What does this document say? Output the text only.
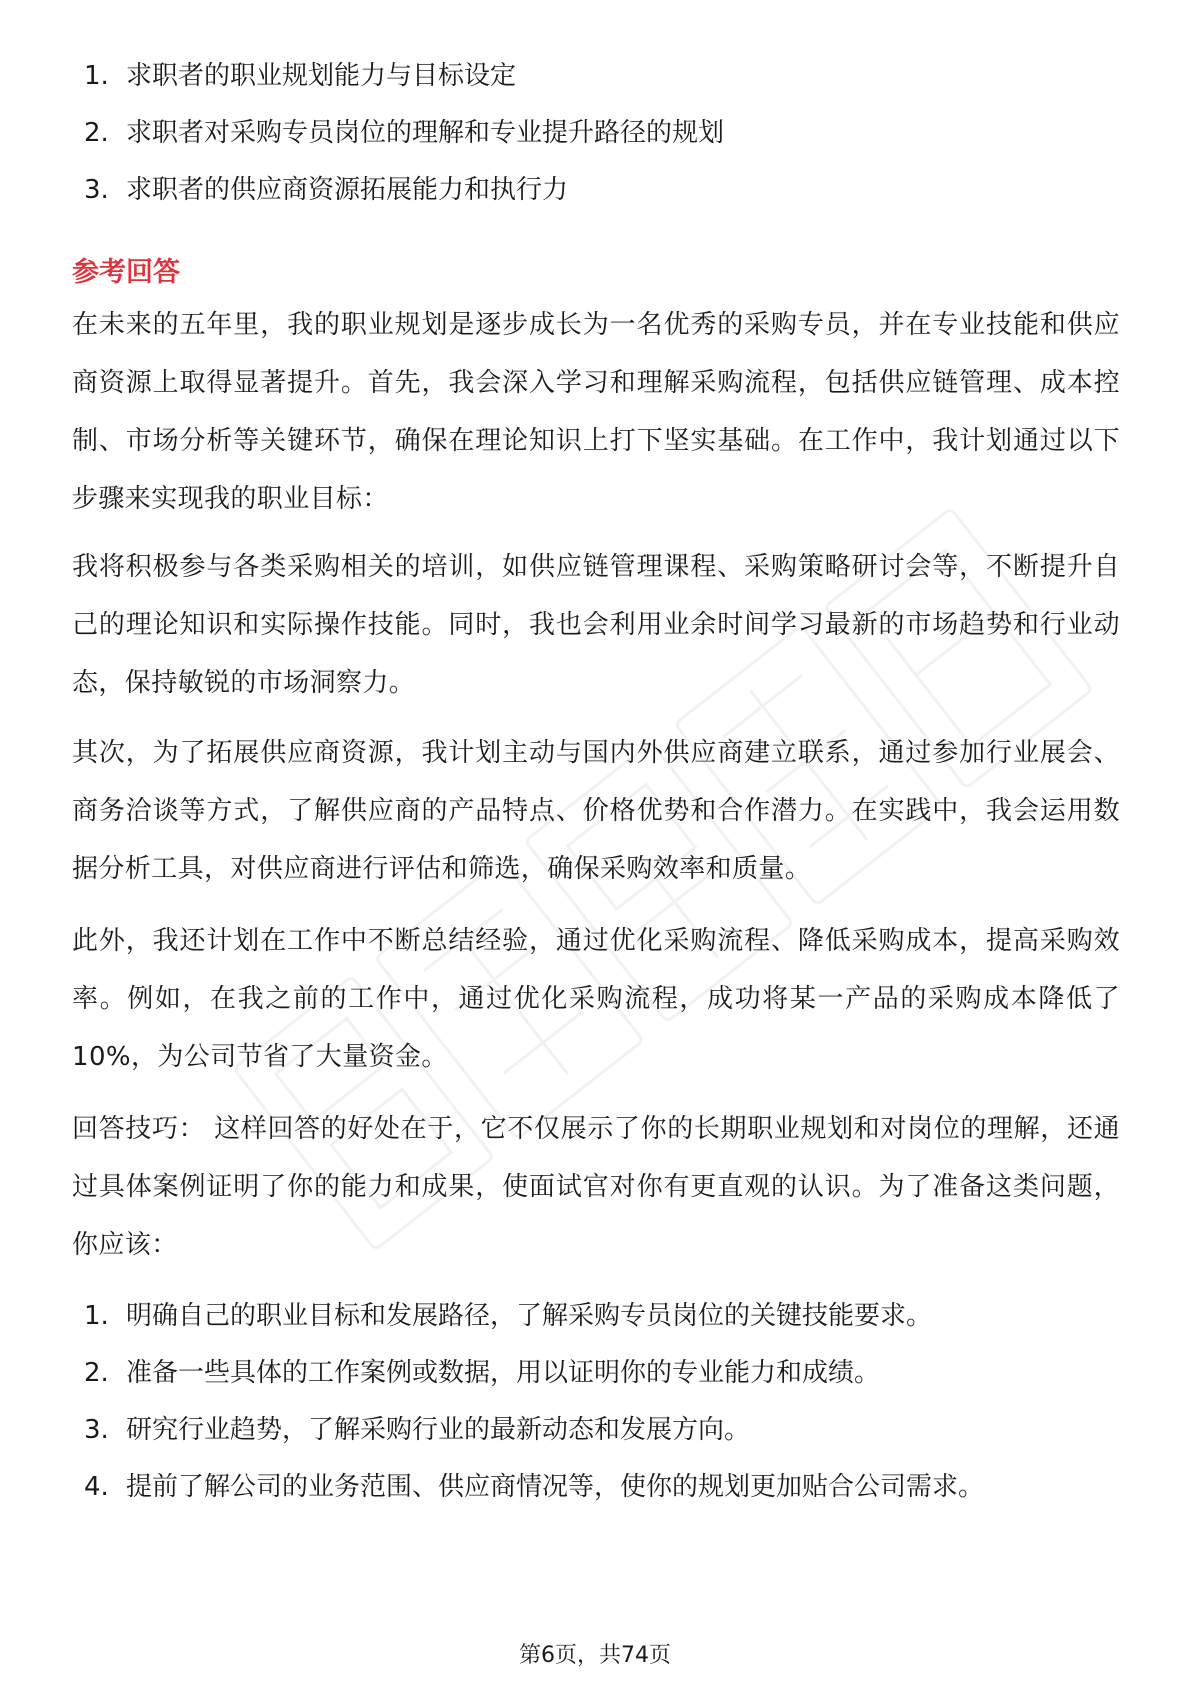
1. 求职者的职业规划能力与目标设定
2. 求职者对采购专员岗位的理解和专业提升路径的规划
3. 求职者的供应商资源拓展能力和执行力
参考回答
在未来的五年里，我的职业规划是逐步成长为一名优秀的采购专员，并在专业技能和供应商资源上取得显著提升。首先，我会深入学习和理解采购流程，包括供应链管理、成本控制、市场分析等关键环节，确保在理论知识上打下坚实基础。在工作中，我计划通过以下步骤来实现我的职业目标：
我将积极参与各类采购相关的培训，如供应链管理课程、采购策略研讨会等，不断提升自己的理论知识和实际操作技能。同时，我也会利用业余时间学习最新的市场趋势和行业动态，保持敏锐的市场洞察力。
其次，为了拓展供应商资源，我计划主动与国内外供应商建立联系，通过参加行业展会、商务洽谈等方式，了解供应商的产品特点、价格优势和合作潜力。在实践中，我会运用数据分析工具，对供应商进行评估和筛选，确保采购效率和质量。
此外，我还计划在工作中不断总结经验，通过优化采购流程、降低采购成本，提高采购效率。例如，在我之前的工作中，通过优化采购流程，成功将某一产品的采购成本降低了10%，为公司节省了大量资金。
回答技巧： 这样回答的好处在于，它不仅展示了你的长期职业规划和对岗位的理解，还通过具体案例证明了你的能力和成果，使面试官对你有更直观的认识。为了准备这类问题，你应该：
1. 明确自己的职业目标和发展路径，了解采购专员岗位的关键技能要求。
2. 准备一些具体的工作案例或数据，用以证明你的专业能力和成绩。
3. 研究行业趋势，了解采购行业的最新动态和发展方向。
4. 提前了解公司的业务范围、供应商情况等，使你的规划更加贴合公司需求。
第6页，共74页
